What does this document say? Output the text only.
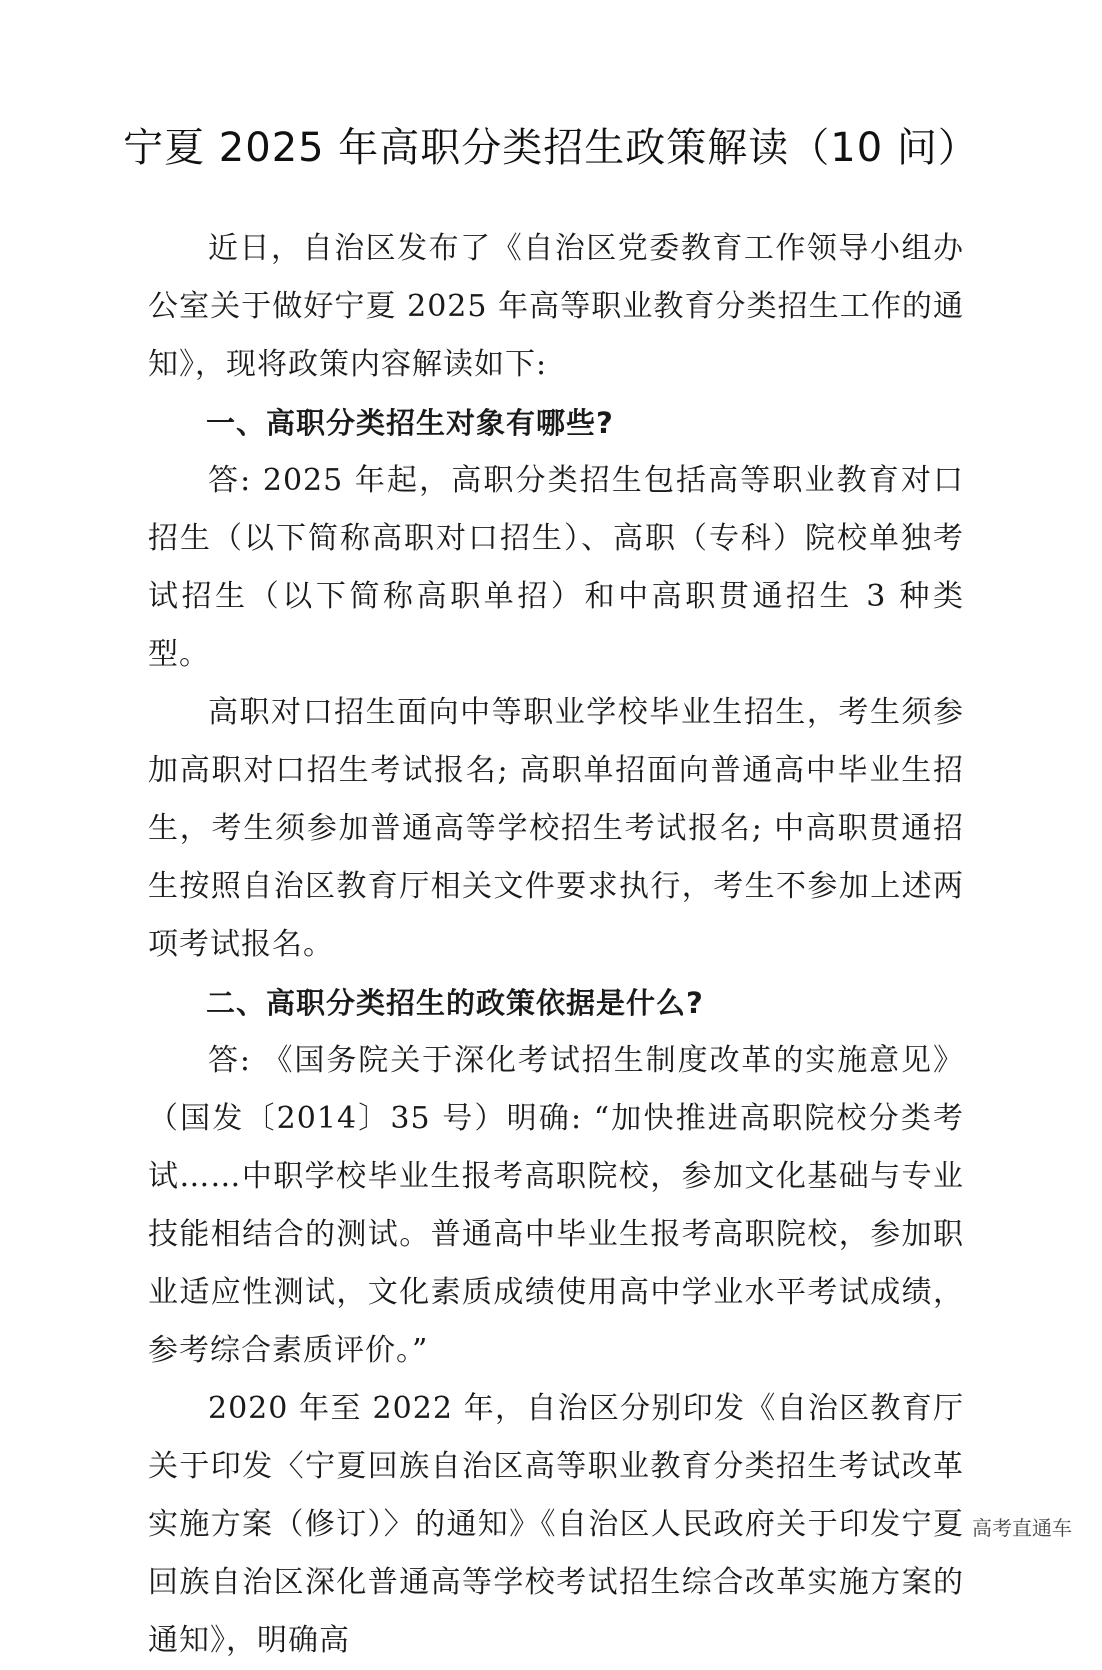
宁夏 2025 年高职分类招生政策解读（10 问）

近日，自治区发布了《自治区党委教育工作领导小组办公室关于做好宁夏 2025 年高等职业教育分类招生工作的通知》，现将政策内容解读如下:

一、高职分类招生对象有哪些?

答: 2025 年起，高职分类招生包括高等职业教育对口招生（以下简称高职对口招生）、高职（专科）院校单独考试招生（以下简称高职单招）和中高职贯通招生 3 种类型。

高职对口招生面向中等职业学校毕业生招生，考生须参加高职对口招生考试报名; 高职单招面向普通高中毕业生招生，考生须参加普通高等学校招生考试报名; 中高职贯通招生按照自治区教育厅相关文件要求执行，考生不参加上述两项考试报名。

二、高职分类招生的政策依据是什么?

答: 《国务院关于深化考试招生制度改革的实施意见》（国发〔2014〕35 号）明确: “加快推进高职院校分类考试……中职学校毕业生报考高职院校，参加文化基础与专业技能相结合的测试。普通高中毕业生报考高职院校，参加职业适应性测试，文化素质成绩使用高中学业水平考试成绩，参考综合素质评价。”

2020 年至 2022 年，自治区分别印发《自治区教育厅关于印发〈宁夏回族自治区高等职业教育分类招生考试改革实施方案（修订）〉的通知》《自治区人民政府关于印发宁夏回族自治区深化普通高等学校考试招生综合改革实施方案的通知》，明确高

高考直通车
